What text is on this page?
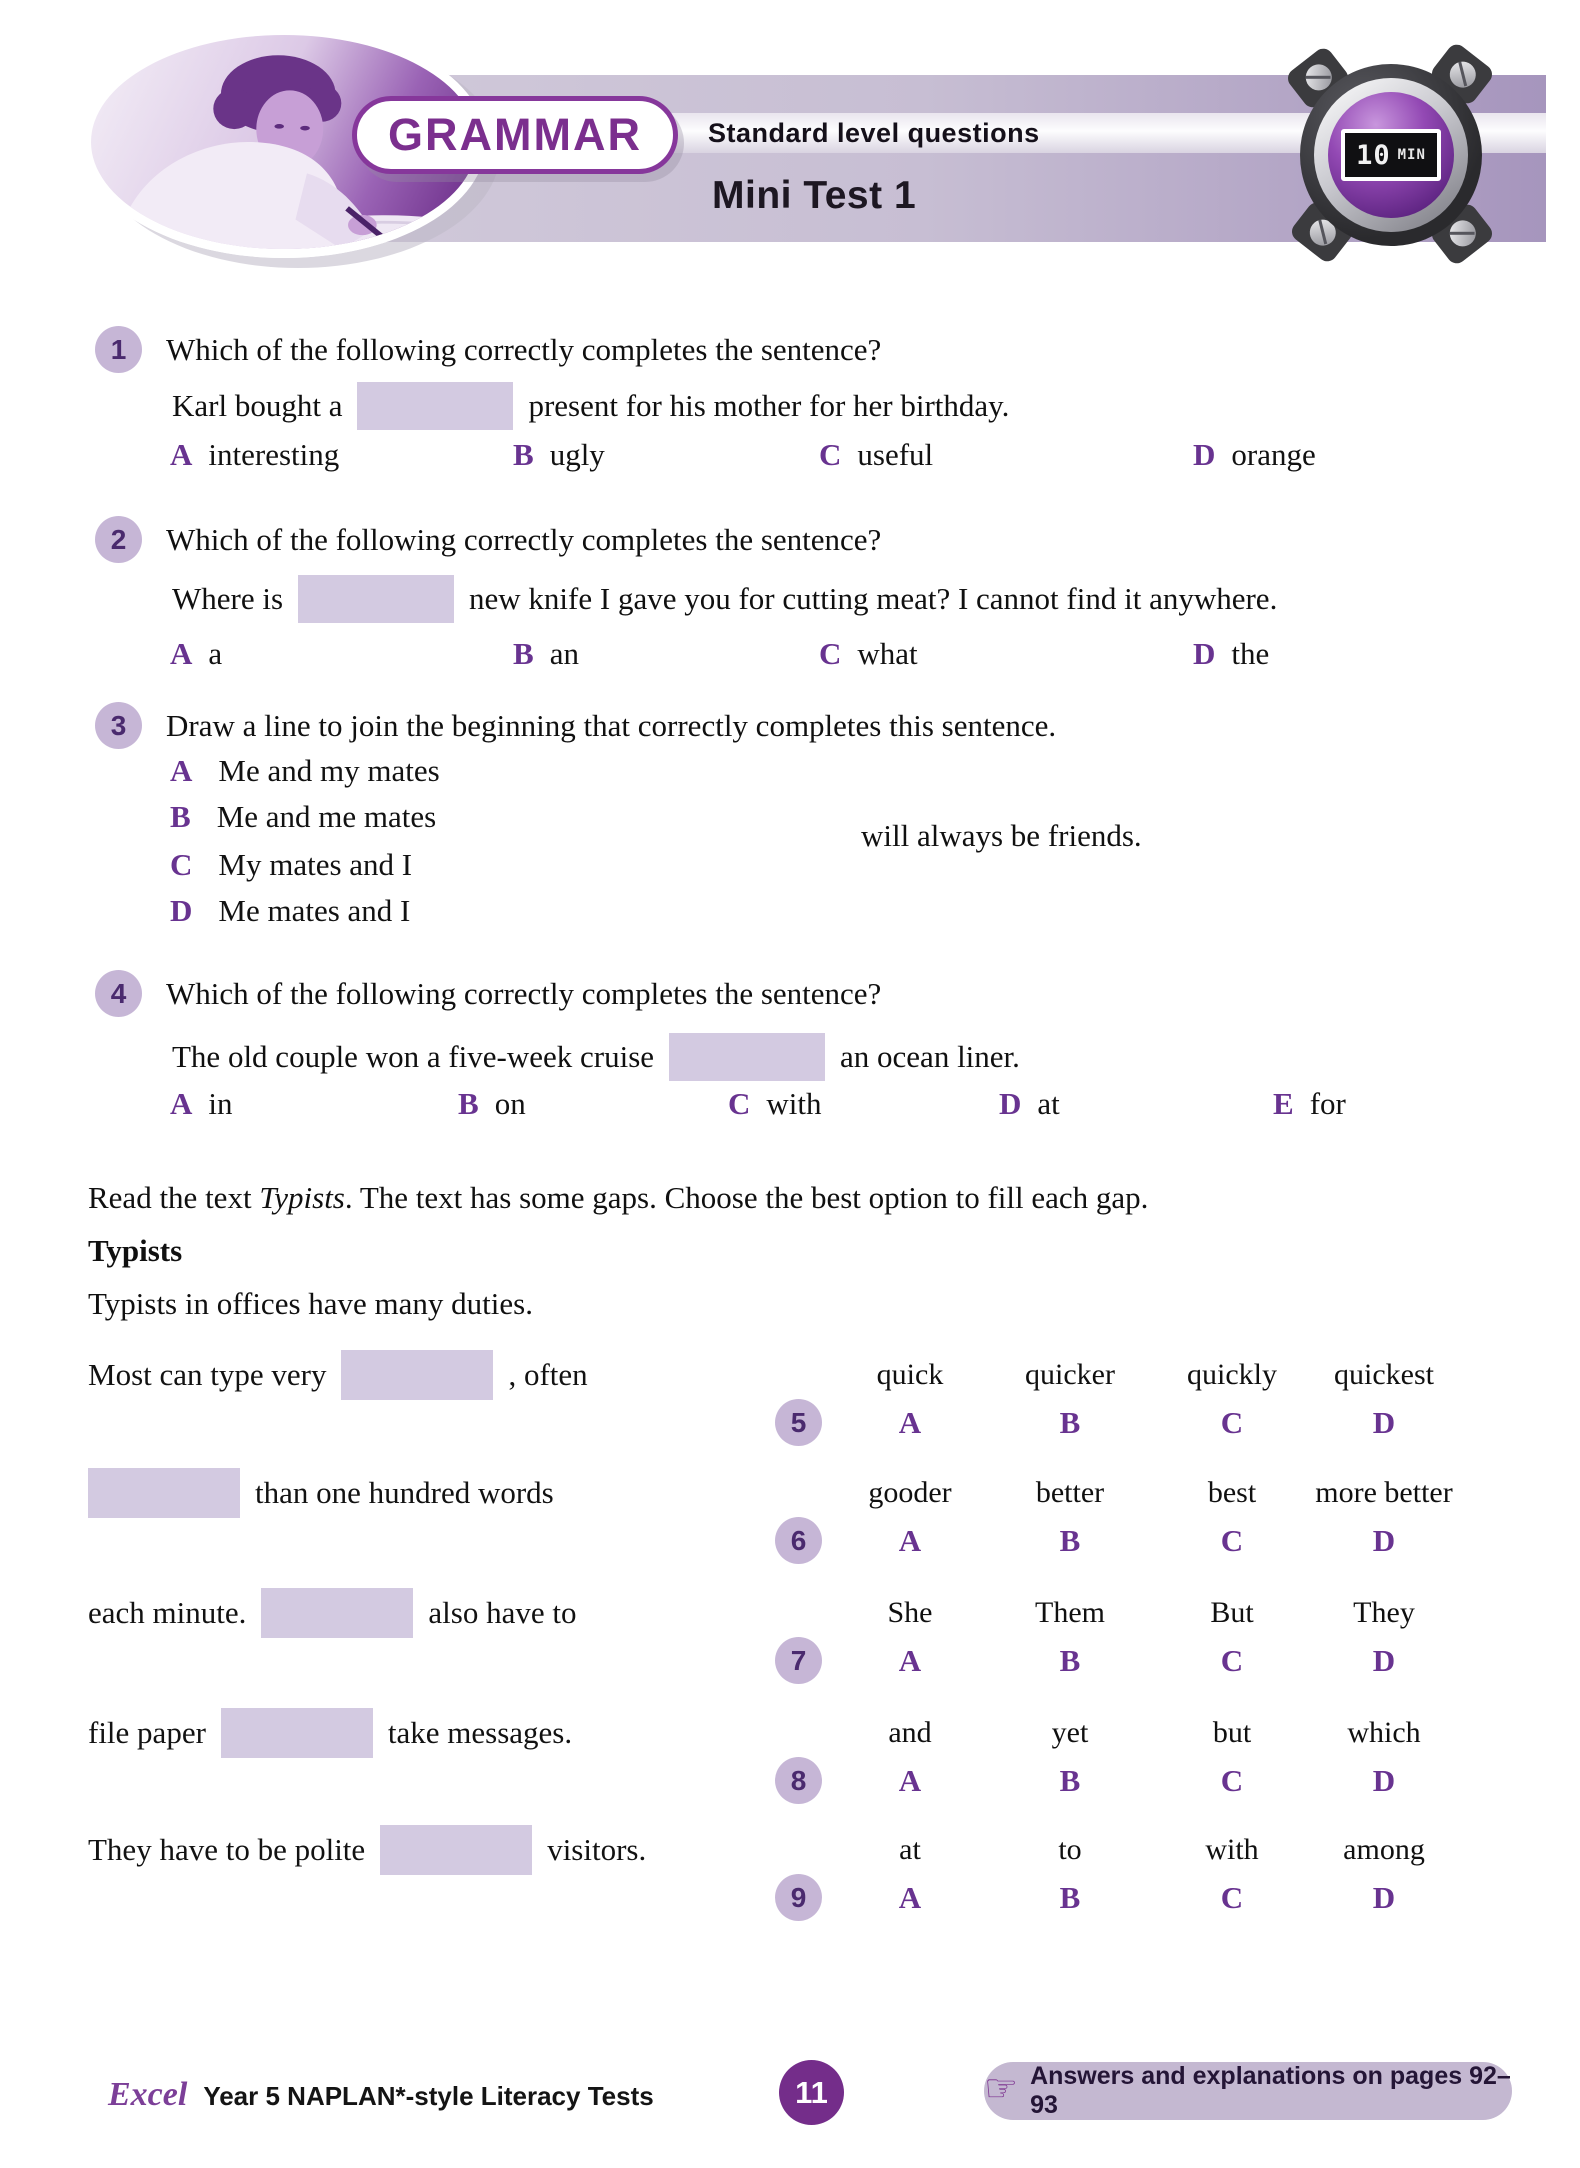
Standard level questions
Mini Test 1
GRAMMAR	10 MIN
1	Which of the following correctly completes the sentence?
Karl bought a	present for his mother for her birthday.
A interesting	B ugly	C useful	D orange
2	Which of the following correctly completes the sentence?
Where is	new knife I gave you for cutting meat? I cannot find it anywhere.
A a	B an	C what	D the
3	Draw a line to join the beginning that correctly completes this sentence.
A Me and my mates
B Me and me mates
C My mates and I
D Me mates and I
will always be friends.
4	Which of the following correctly completes the sentence?
The old couple won a five-week cruise	an ocean liner.
A in	B on	C with	D at	E for
Read the text Typists. The text has some gaps. Choose the best option to fill each gap.
Typists
Typists in offices have many duties.
Most can type very	, often	quick	quicker	quickly	quickest
5	A	B	C	D
than one hundred words	gooder	better	best	more better
6	A	B	C	D
each minute.	also have to	She	Them	But	They
7	A	B	C	D
file paper	take messages.	and	yet	but	which
8	A	B	C	D
They have to be polite	visitors.	at	to	with	among
9	A	B	C	D
Excel Year 5 NAPLAN*-style Literacy Tests	11	☞ Answers and explanations on pages 92–93
